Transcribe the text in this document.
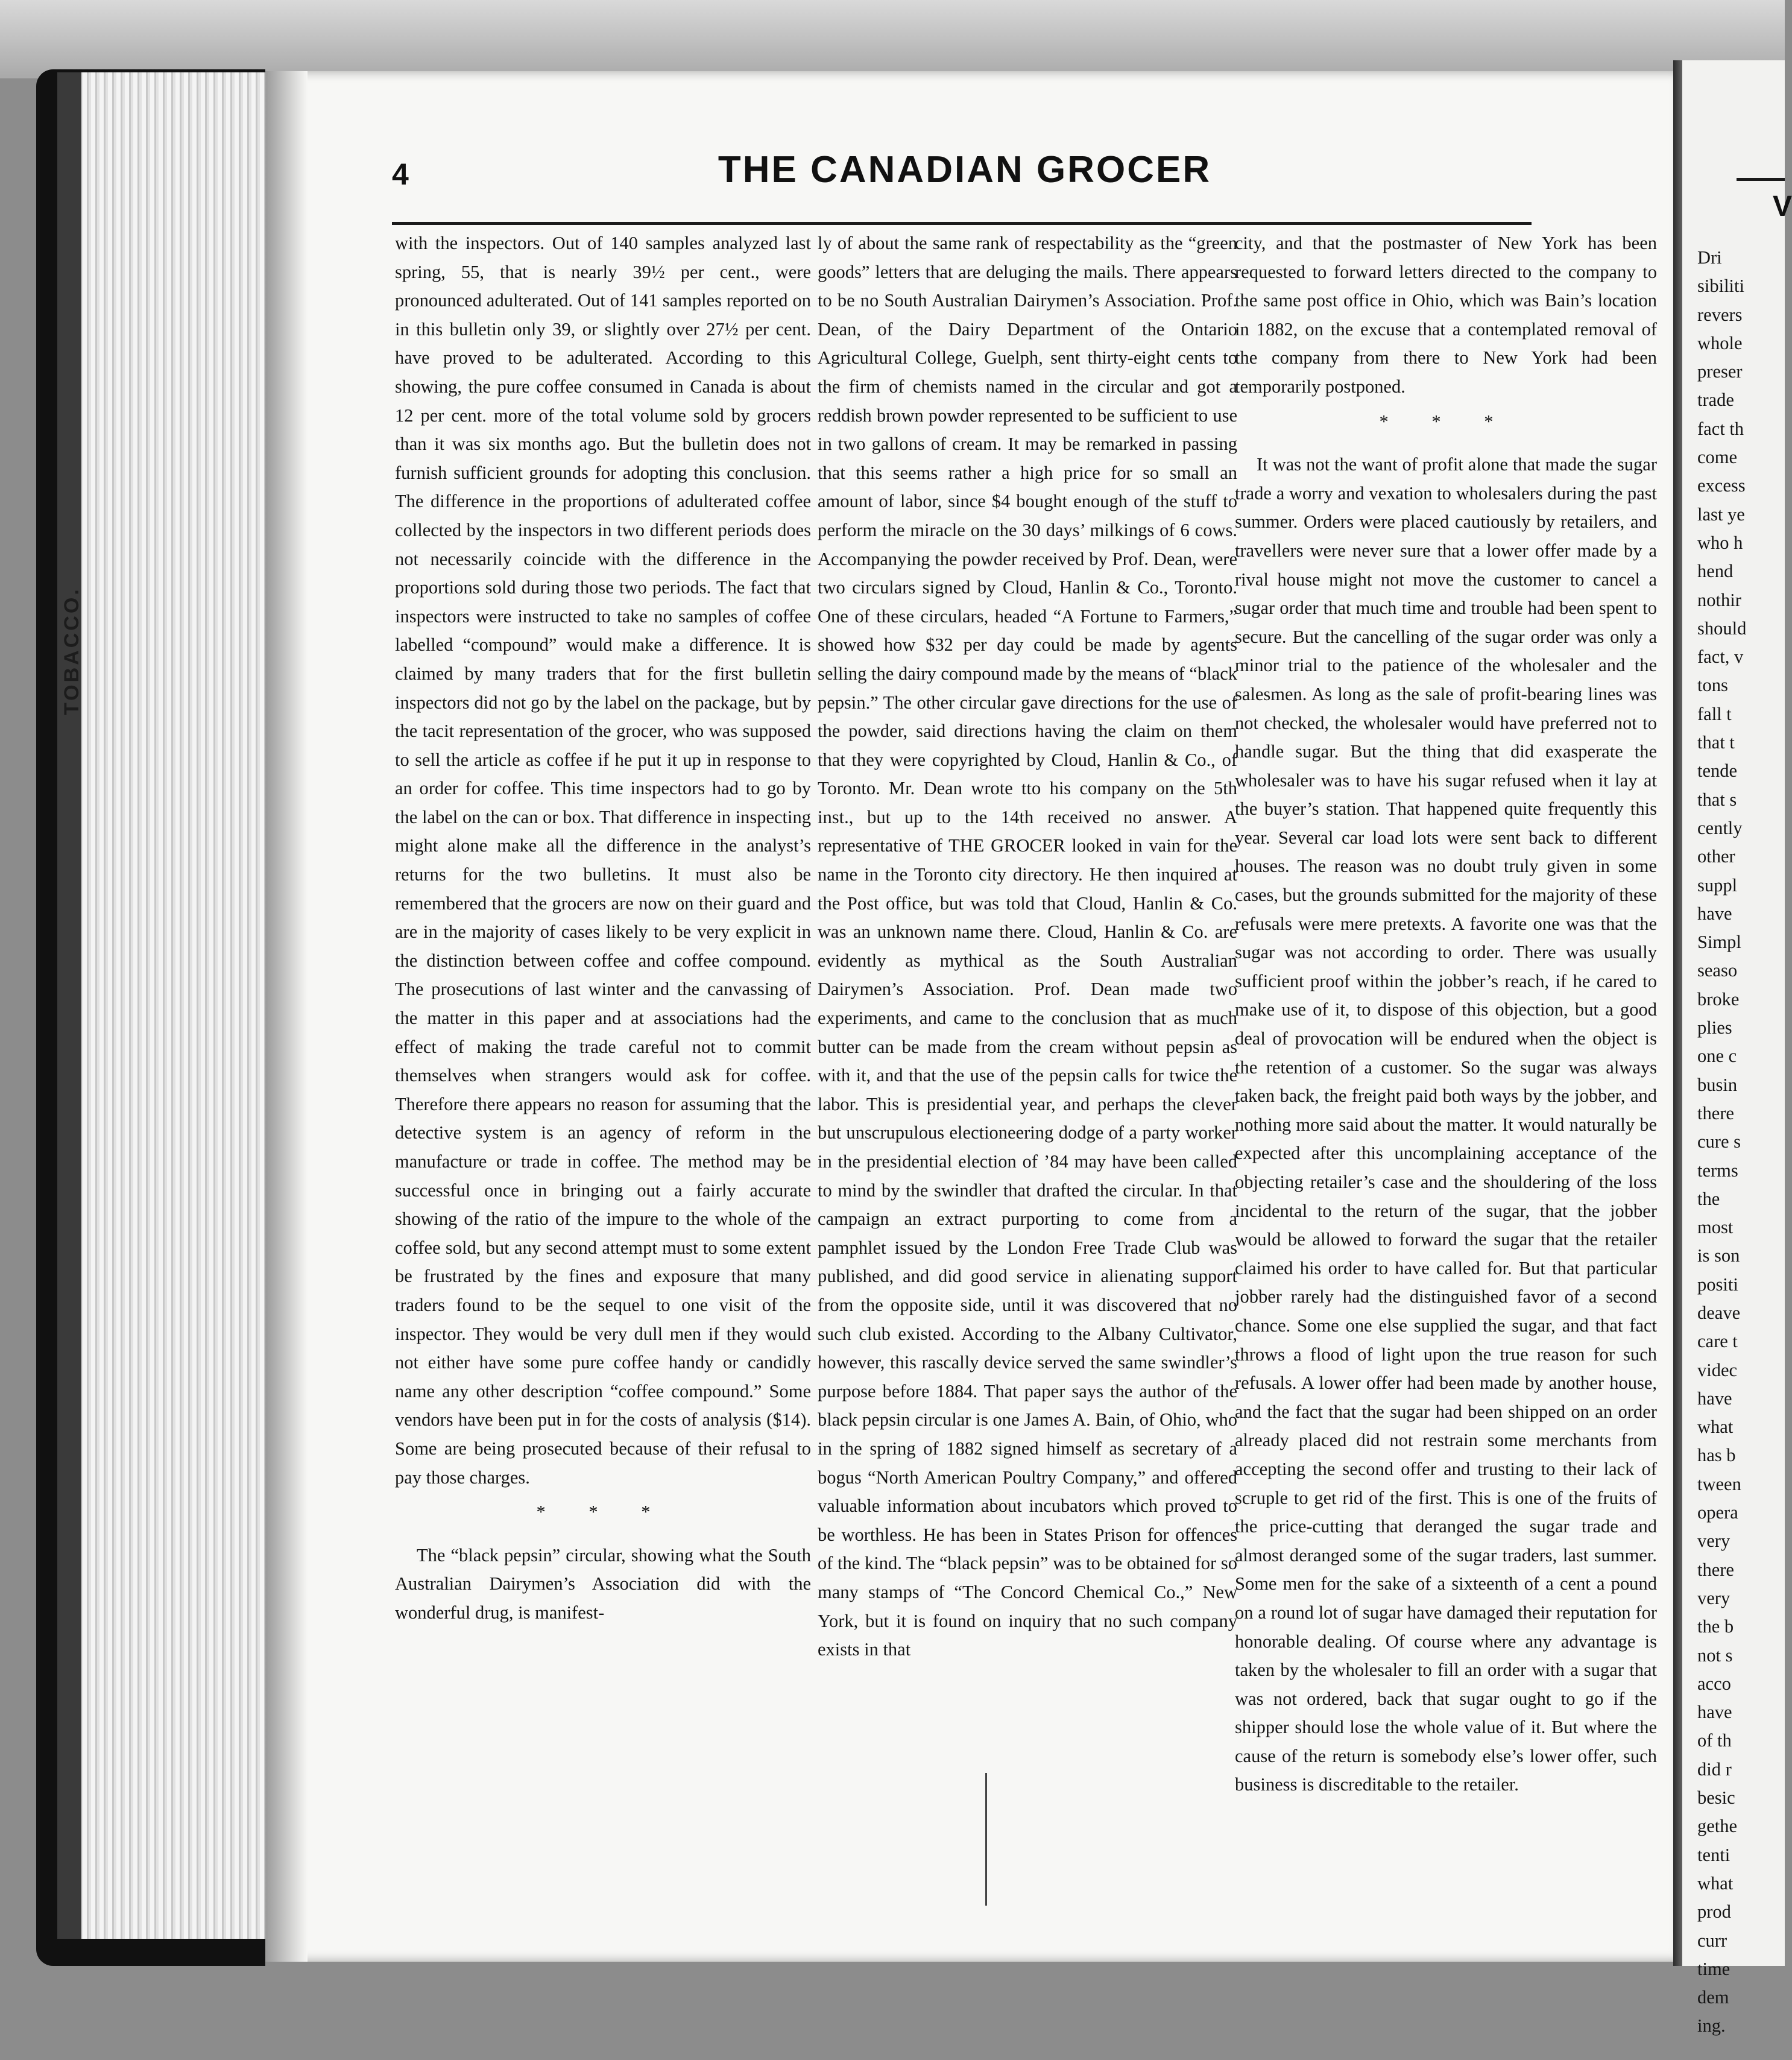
TOBACCO.
4	THE CANADIAN GROCER

with the inspectors. Out of 140 samples analyzed last spring, 55, that is nearly 39½ per cent., were pronounced adulterated. Out of 141 samples reported on in this bulletin only 39, or slightly over 27½ per cent. have proved to be adulterated. According to this showing, the pure coffee consumed in Canada is about 12 per cent. more of the total volume sold by grocers than it was six months ago. But the bulletin does not furnish sufficient grounds for adopting this conclusion. The difference in the proportions of adulterated coffee collected by the inspectors in two different periods does not necessarily coincide with the difference in the proportions sold during those two periods. The fact that inspectors were instructed to take no samples of coffee labelled “compound” would make a difference. It is claimed by many traders that for the first bulletin inspectors did not go by the label on the package, but by the tacit representation of the grocer, who was supposed to sell the article as coffee if he put it up in response to an order for coffee. This time inspectors had to go by the label on the can or box. That difference in inspecting might alone make all the difference in the analyst’s returns for the two bulletins. It must also be remembered that the grocers are now on their guard and are in the majority of cases likely to be very explicit in the distinction between coffee and coffee compound. The prosecutions of last winter and the canvassing of the matter in this paper and at associations had the effect of making the trade careful not to commit themselves when strangers would ask for coffee. Therefore there appears no reason for assuming that the detective system is an agency of reform in the manufacture or trade in coffee. The method may be successful once in bringing out a fairly accurate showing of the ratio of the impure to the whole of the coffee sold, but any second attempt must to some extent be frustrated by the fines and exposure that many traders found to be the sequel to one visit of the inspector. They would be very dull men if they would not either have some pure coffee handy or candidly name any other description “coffee compound.” Some vendors have been put in for the costs of analysis ($14). Some are being prosecuted because of their refusal to pay those charges.

* * *

The “black pepsin” circular, showing what the South Australian Dairymen’s Association did with the wonderful drug, is manifest-

ly of about the same rank of respectability as the “green goods” letters that are deluging the mails. There appears to be no South Australian Dairymen’s Association. Prof. Dean, of the Dairy Department of the Ontario Agricultural College, Guelph, sent thirty-eight cents to the firm of chemists named in the circular and got a reddish brown powder represented to be sufficient to use in two gallons of cream. It may be remarked in passing that this seems rather a high price for so small an amount of labor, since $4 bought enough of the stuff to perform the miracle on the 30 days’ milkings of 6 cows. Accompanying the powder received by Prof. Dean, were two circulars signed by Cloud, Hanlin & Co., Toronto. One of these circulars, headed “A Fortune to Farmers,” showed how $32 per day could be made by agents selling the dairy compound made by the means of “black pepsin.” The other circular gave directions for the use of the powder, said directions having the claim on them that they were copyrighted by Cloud, Hanlin & Co., of Toronto. Mr. Dean wrote tto his company on the 5th inst., but up to the 14th received no answer. A representative of THE GROCER looked in vain for the name in the Toronto city directory. He then inquired at the Post office, but was told that Cloud, Hanlin & Co. was an unknown name there. Cloud, Hanlin & Co. are evidently as mythical as the South Australian Dairymen’s Association. Prof. Dean made two experiments, and came to the conclusion that as much butter can be made from the cream without pepsin as with it, and that the use of the pepsin calls for twice the labor. This is presidential year, and perhaps the clever but unscrupulous electioneering dodge of a party worker in the presidential election of ’84 may have been called to mind by the swindler that drafted the circular. In that campaign an extract purporting to come from a pamphlet issued by the London Free Trade Club was published, and did good service in alienating support from the opposite side, until it was discovered that no such club existed. According to the Albany Cultivator, however, this rascally device served the same swindler’s purpose before 1884. That paper says the author of the black pepsin circular is one James A. Bain, of Ohio, who in the spring of 1882 signed himself as secretary of a bogus “North American Poultry Company,” and offered valuable information about incubators which proved to be worthless. He has been in States Prison for offences of the kind. The “black pepsin” was to be obtained for so many stamps of “The Concord Chemical Co.,” New York, but it is found on inquiry that no such company exists in that

city, and that the postmaster of New York has been requested to forward letters directed to the company to the same post office in Ohio, which was Bain’s location in 1882, on the excuse that a contemplated removal of the company from there to New York had been temporarily postponed.

* * *

It was not the want of profit alone that made the sugar trade a worry and vexation to wholesalers during the past summer. Orders were placed cautiously by retailers, and travellers were never sure that a lower offer made by a rival house might not move the customer to cancel a sugar order that much time and trouble had been spent to secure. But the cancelling of the sugar order was only a minor trial to the patience of the wholesaler and the salesmen. As long as the sale of profit-bearing lines was not checked, the wholesaler would have preferred not to handle sugar. But the thing that did exasperate the wholesaler was to have his sugar refused when it lay at the buyer’s station. That happened quite frequently this year. Several car load lots were sent back to different houses. The reason was no doubt truly given in some cases, but the grounds submitted for the majority of these refusals were mere pretexts. A favorite one was that the sugar was not according to order. There was usually sufficient proof within the jobber’s reach, if he cared to make use of it, to dispose of this objection, but a good deal of provocation will be endured when the object is the retention of a customer. So the sugar was always taken back, the freight paid both ways by the jobber, and nothing more said about the matter. It would naturally be expected after this uncomplaining acceptance of the objecting retailer’s case and the shouldering of the loss incidental to the return of the sugar, that the jobber would be allowed to forward the sugar that the retailer claimed his order to have called for. But that particular jobber rarely had the distinguished favor of a second chance. Some one else supplied the sugar, and that fact throws a flood of light upon the true reason for such refusals. A lower offer had been made by another house, and the fact that the sugar had been shipped on an order already placed did not restrain some merchants from accepting the second offer and trusting to their lack of scruple to get rid of the first. This is one of the fruits of the price-cutting that deranged the sugar trade and almost deranged some of the sugar traders, last summer. Some men for the sake of a sixteenth of a cent a pound on a round lot of sugar have damaged their reputation for honorable dealing. Of course where any advantage is taken by the wholesaler to fill an order with a sugar that was not ordered, back that sugar ought to go if the shipper should lose the whole value of it. But where the cause of the return is somebody else’s lower offer, such business is discreditable to the retailer.

V
Dri
sibiliti
revers
whole
preser
trade
fact th
come
excess
last ye
who h
hend
nothir
should
fact, v
tons
fall t
that t
tende
that s
cently
other
suppl
have
Simpl
seaso
broke
plies
one c
busin
there
cure s
terms
the
most
is son
positi
deave
care t
videc
have
what
has b
tween
opera
very
there
very
the b
not s
acco
have
of th
did r
besic
gethe
tenti
what
prod
curr
time
dem
ing.
